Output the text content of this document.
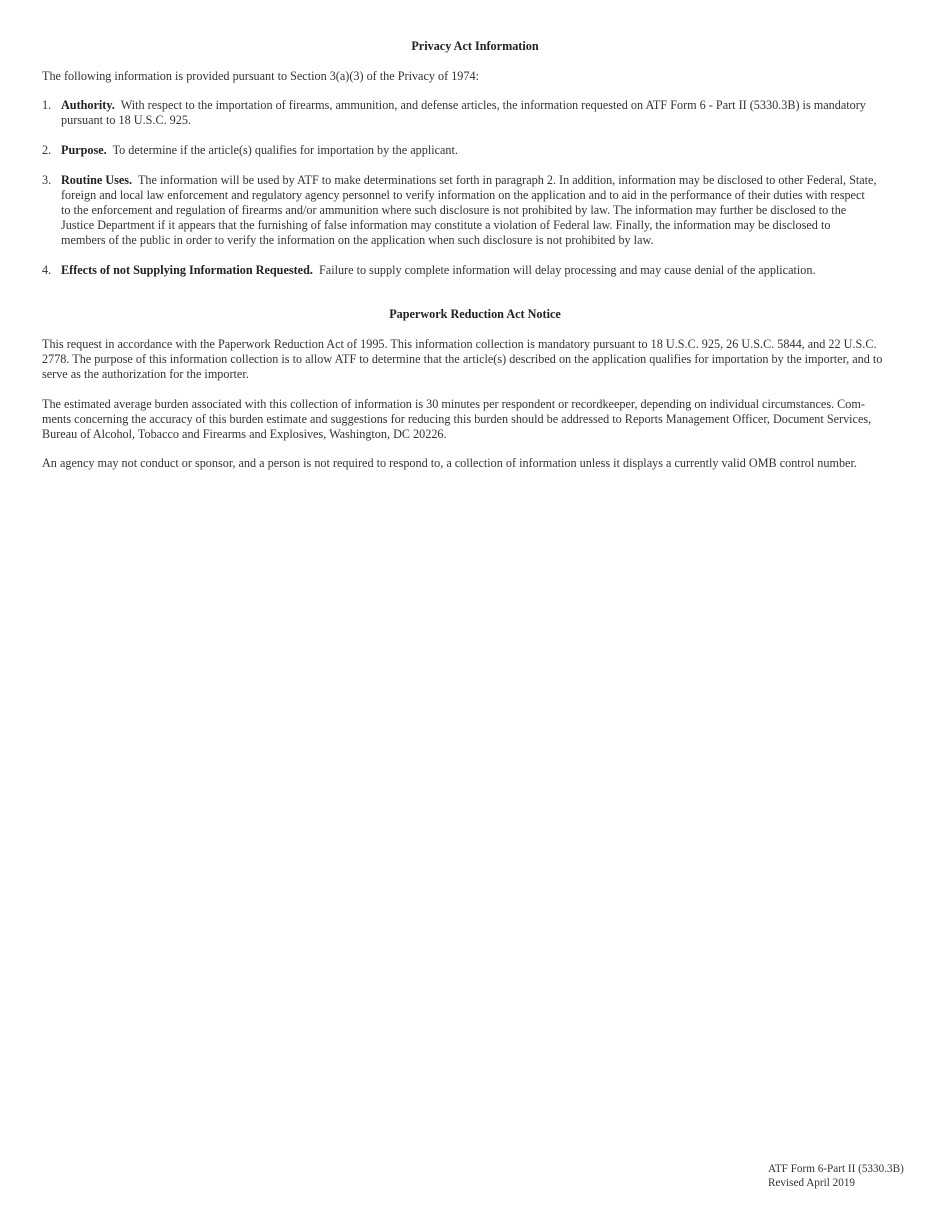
Privacy Act Information

The following information is provided pursuant to Section 3(a)(3) of the Privacy of 1974:

1. Authority. With respect to the importation of firearms, ammunition, and defense articles, the information requested on ATF Form 6 - Part II (5330.3B) is mandatory pursuant to 18 U.S.C. 925.
2. Purpose. To determine if the article(s) qualifies for importation by the applicant.
3. Routine Uses. The information will be used by ATF to make determinations set forth in paragraph 2. In addition, information may be disclosed to other Federal, State, foreign and local law enforcement and regulatory agency personnel to verify information on the application and to aid in the performance of their duties with respect to the enforcement and regulation of firearms and/or ammunition where such disclosure is not prohibited by law. The information may further be disclosed to the Justice Department if it appears that the furnishing of false information may constitute a violation of Federal law. Finally, the information may be disclosed to members of the public in order to verify the information on the application when such disclosure is not prohibited by law.
4. Effects of not Supplying Information Requested. Failure to supply complete information will delay processing and may cause denial of the application.
Paperwork Reduction Act Notice

This request in accordance with the Paperwork Reduction Act of 1995. This information collection is mandatory pursuant to 18 U.S.C. 925, 26 U.S.C. 5844, and 22 U.S.C. 2778. The purpose of this information collection is to allow ATF to determine that the article(s) described on the application qualifies for importation by the importer, and to serve as the authorization for the importer.

The estimated average burden associated with this collection of information is 30 minutes per respondent or recordkeeper, depending on individual circumstances. Com-ments concerning the accuracy of this burden estimate and suggestions for reducing this burden should be addressed to Reports Management Officer, Document Services, Bureau of Alcohol, Tobacco and Firearms and Explosives, Washington, DC 20226.

An agency may not conduct or sponsor, and a person is not required to respond to, a collection of information unless it displays a currently valid OMB control number.

ATF Form 6-Part II (5330.3B)
Revised April 2019
